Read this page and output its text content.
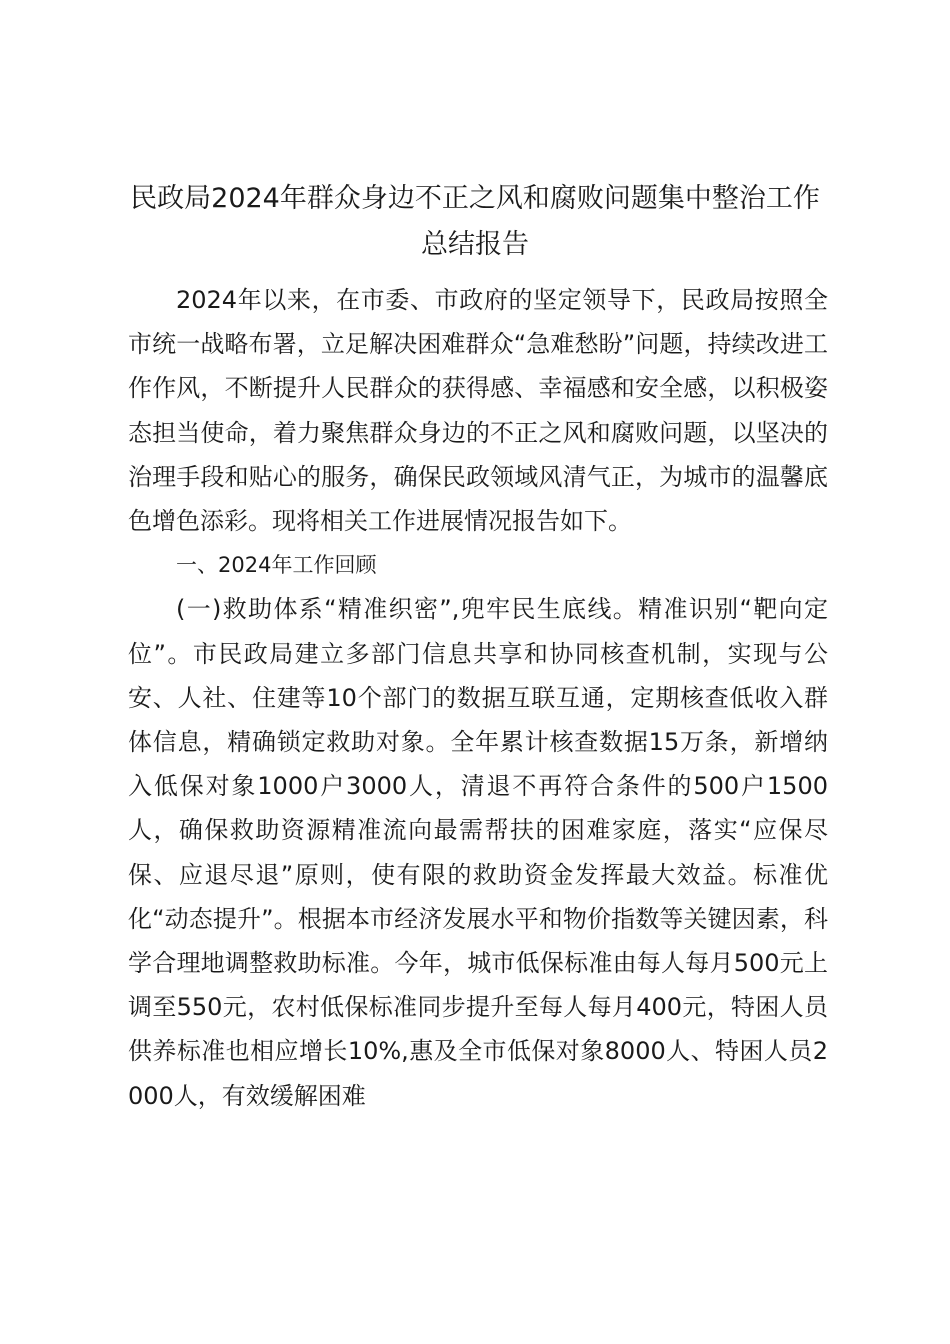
民政局2024年群众身边不正之风和腐败问题集中整治工作总结报告

2024年以来，在市委、市政府的坚定领导下，民政局按照全市统一战略布署，立足解决困难群众“急难愁盼”问题，持续改进工作作风，不断提升人民群众的获得感、幸福感和安全感，以积极姿态担当使命，着力聚焦群众身边的不正之风和腐败问题，以坚决的治理手段和贴心的服务，确保民政领域风清气正，为城市的温馨底色增色添彩。现将相关工作进展情况报告如下。

一、2024年工作回顾

(一)救助体系“精准织密”,兜牢民生底线。精准识别“靶向定位”。市民政局建立多部门信息共享和协同核查机制，实现与公安、人社、住建等10个部门的数据互联互通，定期核查低收入群体信息，精确锁定救助对象。全年累计核查数据15万条，新增纳入低保对象1000户3000人，清退不再符合条件的500户1500人，确保救助资源精准流向最需帮扶的困难家庭，落实“应保尽保、应退尽退”原则，使有限的救助资金发挥最大效益。标准优化“动态提升”。根据本市经济发展水平和物价指数等关键因素，科学合理地调整救助标准。今年，城市低保标准由每人每月500元上调至550元，农村低保标准同步提升至每人每月400元，特困人员供养标准也相应增长10%,惠及全市低保对象8000人、特困人员2000人，有效缓解困难
